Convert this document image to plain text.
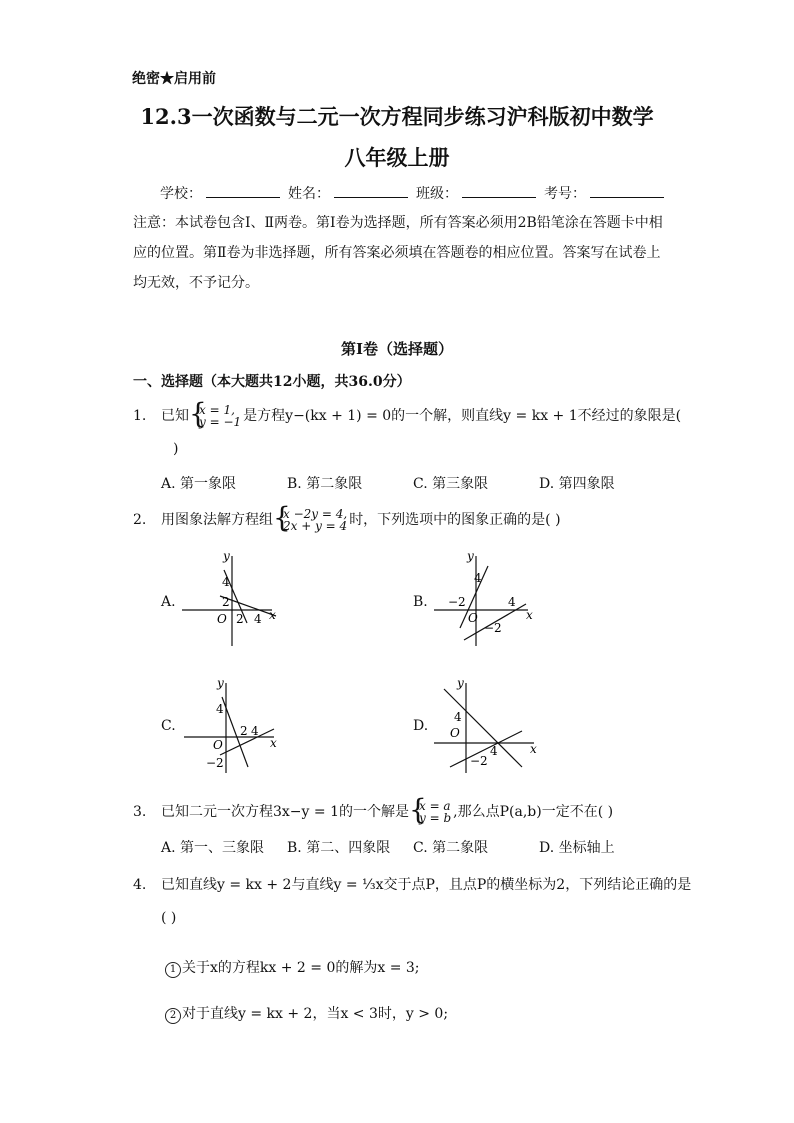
绝密★启用前
12.3一次函数与二元一次方程同步练习沪科版初中数学
八年级上册
学校：	姓名：	班级：	考号：
注意：本试卷包含Ⅰ、Ⅱ两卷。第Ⅰ卷为选择题，所有答案必须用2B铅笔涂在答题卡中相应的位置。第Ⅱ卷为非选择题，所有答案必须填在答题卷的相应位置。答案写在试卷上均无效，不予记分。
第Ⅰ卷（选择题）
一、选择题（本大题共12小题，共36.0分）
1. 已知 { x = 1,
y = −1 是方程y−(kx + 1) = 0的一个解，则直线y = kx + 1不经过的象限是(
)
A. 第一象限	B. 第二象限	C. 第三象限	D. 第四象限
2. 用图象法解方程组 { x −2y = 4,
2x + y = 4 时，下列选项中的图象正确的是( )
A.
y
x
O
4
2
2 4
B.
y
x
O
4
−2	4
−2
C.
y
x
O
4
2 4
−2
D.
y
x
O
4
4
−2
3. 已知二元一次方程3x−y = 1的一个解是 { x = a
y = b ,那么点P(a,b)一定不在( )
A. 第一、三象限 B. 第二、四象限 C. 第二象限	D. 坐标轴上
4. 已知直线y = kx + 2与直线y = ⅓x交于点P，且点P的横坐标为2，下列结论正确的是
( )
1 关于x的方程kx + 2 = 0的解为x = 3;
2 对于直线y = kx + 2，当x < 3时，y > 0;
